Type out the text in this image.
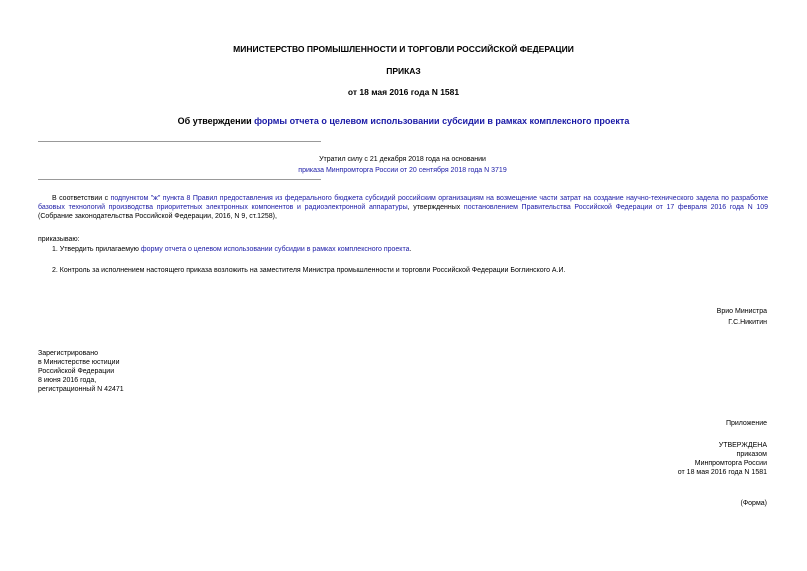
МИНИСТЕРСТВО ПРОМЫШЛЕННОСТИ И ТОРГОВЛИ РОССИЙСКОЙ ФЕДЕРАЦИИ
ПРИКАЗ
от 18 мая 2016 года N 1581
Об утверждении формы отчета о целевом использовании субсидии в рамках комплексного проекта
Утратил силу с 21 декабря 2018 года на основании
приказа Минпромторга России от 20 сентября 2018 года N 3719
В соответствии с подпунктом "ж" пункта 8 Правил предоставления из федерального бюджета субсидий российским организациям на возмещение части затрат на создание научно-технического задела по разработке базовых технологий производства приоритетных электронных компонентов и радиоэлектронной аппаратуры, утвержденных постановлением Правительства Российской Федерации от 17 февраля 2016 года N 109 (Собрание законодательства Российской Федерации, 2016, N 9, ст.1258),
приказываю:
1. Утвердить прилагаемую форму отчета о целевом использовании субсидии в рамках комплексного проекта.
2. Контроль за исполнением настоящего приказа возложить на заместителя Министра промышленности и торговли Российской Федерации Боглинского А.И.
Врио Министра
Г.С.Никитин
Зарегистрировано
в Министерстве юстиции
Российской Федерации
8 июня 2016 года,
регистрационный N 42471
Приложение
УТВЕРЖДЕНА
приказом
Минпромторга России
от 18 мая 2016 года N 1581
(Форма)
